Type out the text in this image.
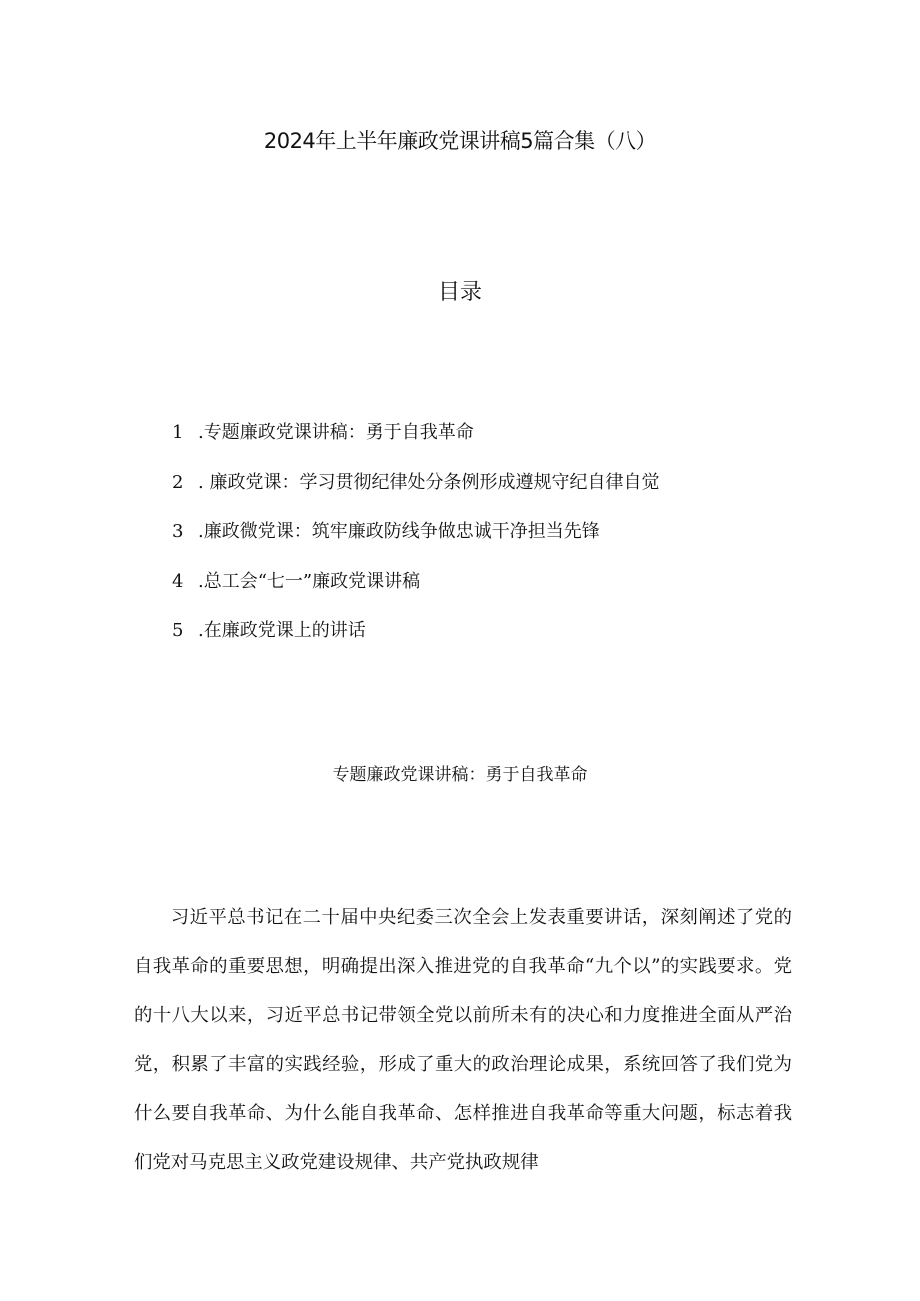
2024年上半年廉政党课讲稿5篇合集（八）
目录
1 .专题廉政党课讲稿：勇于自我革命
2 . 廉政党课：学习贯彻纪律处分条例形成遵规守纪自律自觉
3 .廉政微党课：筑牢廉政防线争做忠诚干净担当先锋
4 .总工会“七一”廉政党课讲稿
5 .在廉政党课上的讲话
专题廉政党课讲稿：勇于自我革命

习近平总书记在二十届中央纪委三次全会上发表重要讲话，深刻阐述了党的自我革命的重要思想，明确提出深入推进党的自我革命“九个以”的实践要求。党的十八大以来，习近平总书记带领全党以前所未有的决心和力度推进全面从严治党，积累了丰富的实践经验，形成了重大的政治理论成果，系统回答了我们党为什么要自我革命、为什么能自我革命、怎样推进自我革命等重大问题，标志着我们党对马克思主义政党建设规律、共产党执政规律
